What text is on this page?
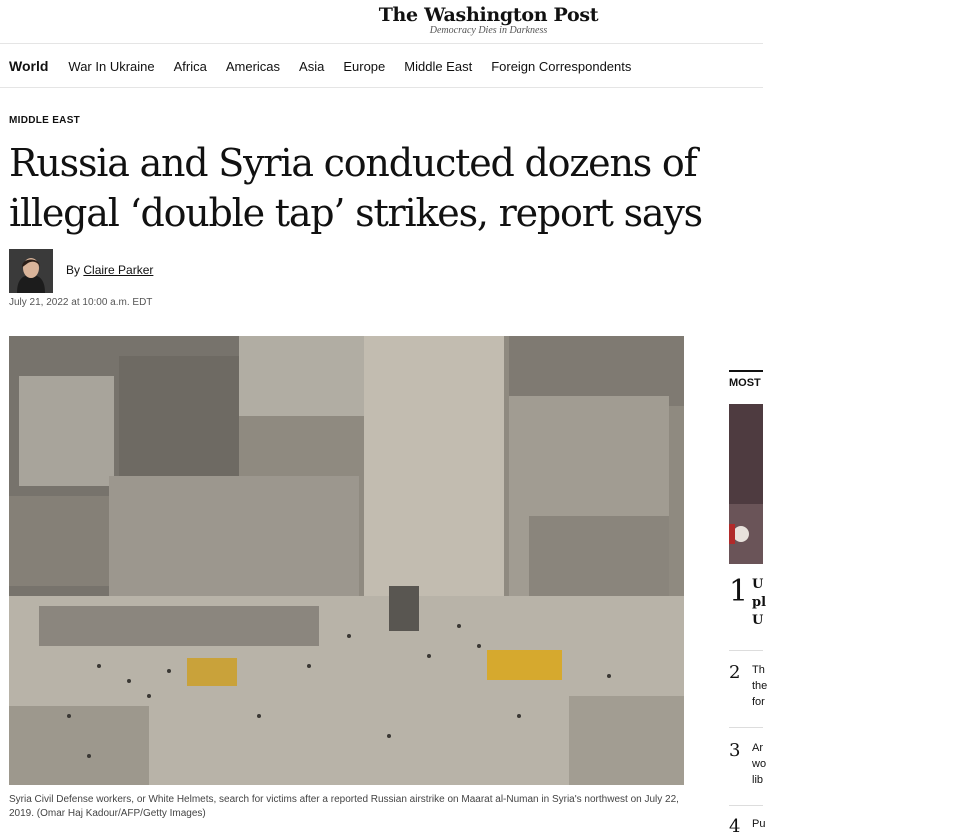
The Washington Post
Democracy Dies in Darkness
World War In Ukraine Africa Americas Asia Europe Middle East Foreign Correspondents
MIDDLE EAST
Russia and Syria conducted dozens of illegal ‘double tap’ strikes, report says
By Claire Parker
July 21, 2022 at 10:00 a.m. EDT
Syria Civil Defense workers, or White Helmets, search for victims after a reported Russian airstrike on Maarat al-Numan in Syria's northwest on July 22, 2019. (Omar Haj Kadour/AFP/Getty Images)
MOST
1 U
pl
U
2 Th
the
for
3 Ar
wo
lib
4 Pu
